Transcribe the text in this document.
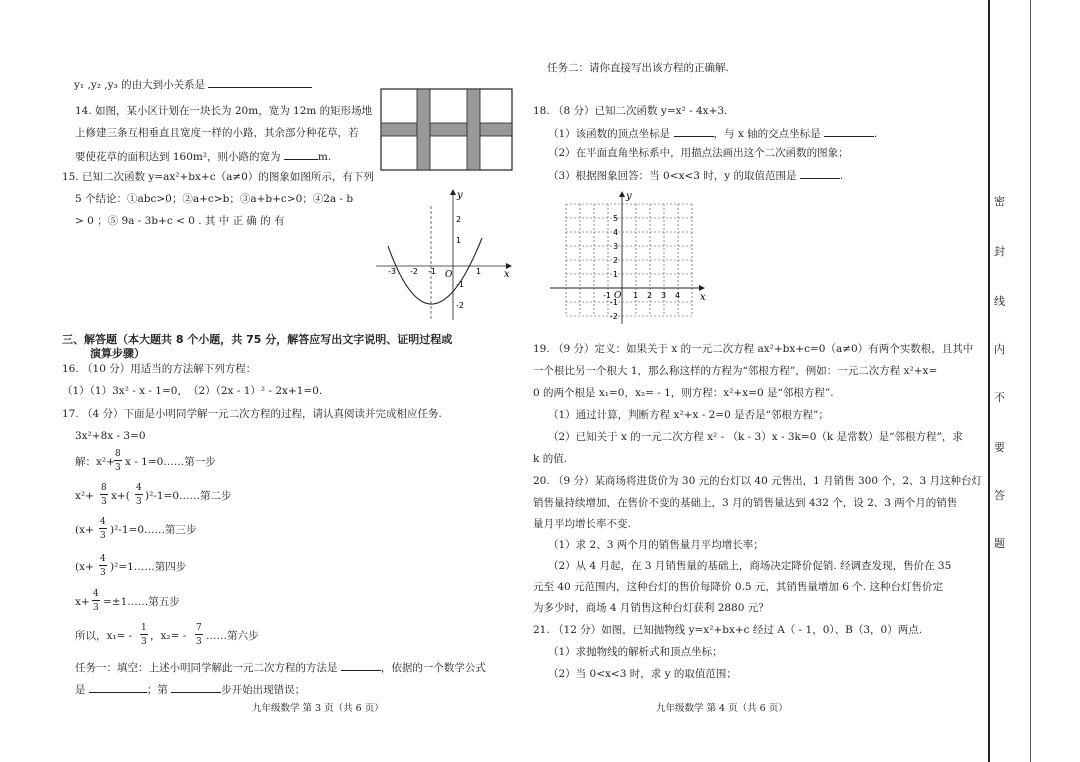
y₁ ,y₂ ,y₃ 的由大到小关系是
14. 如图，某小区计划在一块长为 20m，宽为 12m 的矩形场地
上修建三条互相垂直且宽度一样的小路，其余部分种花草，若
要使花草的面积达到 160m²，则小路的宽为	m.
15. 已知二次函数 y=ax²+bx+c（a≠0）的图象如图所示，有下列
5 个结论：①abc>0；②a+c>b；③a+b+c>0；④2a - b
> 0 ；⑤ 9a - 3b+c < 0 . 其 中 正 确 的 有
x
y
O
-3 -2 -1	1
2
1
-1
-2
三、解答题（本大题共 8 个小题，共 75 分，解答应写出文字说明、证明过程或
演算步骤）
16. （10 分）用适当的方法解下列方程：
（1）（1）3x² - x - 1=0，　（2）（2x - 1）² - 2x+1=0.
17. （4 分）下面是小明同学解一元二次方程的过程，请认真阅读并完成相应任务.
3x²+8x - 3=0
解：x²+
8
3 x - 1=0……第一步
x²+
8
3 x+(
4
3 )²-1=0……第二步
(x+
4
3 )²-1=0……第三步
(x+
4
3 )²=1……第四步
x+
4
3 =±1……第五步
所以，x₁= -
1
3 ，x₂= -
7
3 ……第六步
任务一：填空：上述小明同学解此一元二次方程的方法是	，依据的一个数学公式
是	；第	步开始出现错误；
九年级数学 第 3 页（共 6 页）
任务二：请你直接写出该方程的正确解.
18. （8 分）已知二次函数 y=x² - 4x+3.
（1）该函数的顶点坐标是	，与 x 轴的交点坐标是	.
（2）在平面直角坐标系中，用描点法画出这个二次函数的图象；
（3）根据图象回答：当 0<x<3 时，y 的取值范围是	.
x
y
O
-1	1 2 3 4
5
4
3
2
1
-1
-2
19. （9 分）定义：如果关于 x 的一元二次方程 ax²+bx+c=0（a≠0）有两个实数根，且其中
一个根比另一个根大 1，那么称这样的方程为“邻根方程”，例如：一元二次方程 x²+x=
0 的两个根是 x₁=0，x₂= - 1，则方程：x²+x=0 是“邻根方程”.
（1）通过计算，判断方程 x²+x - 2=0 是否是“邻根方程”；
（2）已知关于 x 的一元二次方程 x² - （k - 3）x - 3k=0（k 是常数）是“邻根方程”，求
k 的值.
20. （9 分）某商场将进货价为 30 元的台灯以 40 元售出，1 月销售 300 个，2、3 月这种台灯
销售量持续增加，在售价不变的基础上，3 月的销售量达到 432 个，设 2、3 两个月的销售
量月平均增长率不变.
（1）求 2、3 两个月的销售量月平均增长率；
（2）从 4 月起，在 3 月销售量的基础上，商场决定降价促销. 经调查发现，售价在 35
元至 40 元范围内，这种台灯的售价每降价 0.5 元，其销售量增加 6 个. 这种台灯售价定
为多少时，商场 4 月销售这种台灯获利 2880 元？
21. （12 分）如图，已知抛物线 y=x²+bx+c 经过 A（ - 1，0）、B（3，0）两点.
（1）求抛物线的解析式和顶点坐标；
（2）当 0<x<3 时，求 y 的取值范围；
九年级数学 第 4 页（共 6 页）
密
封
线
内
不
要
答
题
